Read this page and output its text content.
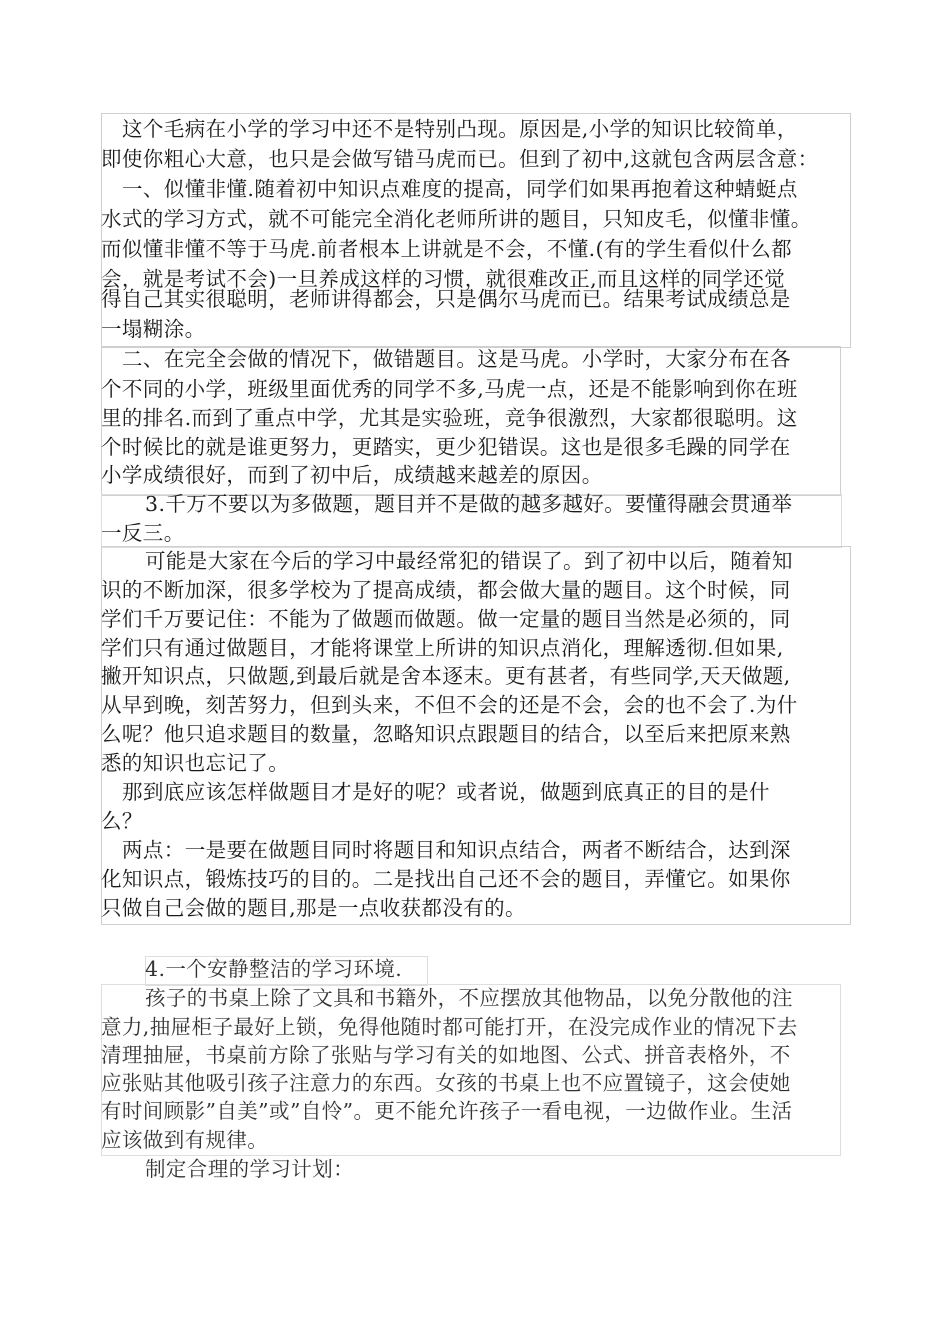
这个毛病在小学的学习中还不是特别凸现。原因是,小学的知识比较简单，
即使你粗心大意，也只是会做写错马虎而已。但到了初中,这就包含两层含意：
一、似懂非懂.随着初中知识点难度的提高，同学们如果再抱着这种蜻蜓点
水式的学习方式，就不可能完全消化老师所讲的题目，只知皮毛，似懂非懂。
而似懂非懂不等于马虎.前者根本上讲就是不会，不懂.(有的学生看似什么都
会，就是考试不会)一旦养成这样的习惯，就很难改正,而且这样的同学还觉
得自己其实很聪明，老师讲得都会，只是偶尔马虎而已。结果考试成绩总是
一塌糊涂。
二、在完全会做的情况下，做错题目。这是马虎。小学时，大家分布在各
个不同的小学，班级里面优秀的同学不多,马虎一点，还是不能影响到你在班
里的排名.而到了重点中学，尤其是实验班，竞争很激烈，大家都很聪明。这
个时候比的就是谁更努力，更踏实，更少犯错误。这也是很多毛躁的同学在
小学成绩很好，而到了初中后，成绩越来越差的原因。
3.千万不要以为多做题，题目并不是做的越多越好。要懂得融会贯通举
一反三。
可能是大家在今后的学习中最经常犯的错误了。到了初中以后，随着知
识的不断加深，很多学校为了提高成绩，都会做大量的题目。这个时候，同
学们千万要记住：不能为了做题而做题。做一定量的题目当然是必须的，同
学们只有通过做题目，才能将课堂上所讲的知识点消化，理解透彻.但如果,
撇开知识点，只做题,到最后就是舍本逐末。更有甚者，有些同学,天天做题,
从早到晚，刻苦努力，但到头来，不但不会的还是不会，会的也不会了.为什
么呢？他只追求题目的数量，忽略知识点跟题目的结合，以至后来把原来熟
悉的知识也忘记了。
那到底应该怎样做题目才是好的呢？或者说，做题到底真正的目的是什
么？
两点：一是要在做题目同时将题目和知识点结合，两者不断结合，达到深
化知识点，锻炼技巧的目的。二是找出自己还不会的题目，弄懂它。如果你
只做自己会做的题目,那是一点收获都没有的。
4.一个安静整洁的学习环境.
孩子的书桌上除了文具和书籍外，不应摆放其他物品，以免分散他的注
意力,抽屉柜子最好上锁，免得他随时都可能打开，在没完成作业的情况下去
清理抽屉，书桌前方除了张贴与学习有关的如地图、公式、拼音表格外，不
应张贴其他吸引孩子注意力的东西。女孩的书桌上也不应置镜子，这会使她
有时间顾影”自美”或”自怜”。更不能允许孩子一看电视，一边做作业。生活
应该做到有规律。
制定合理的学习计划：
